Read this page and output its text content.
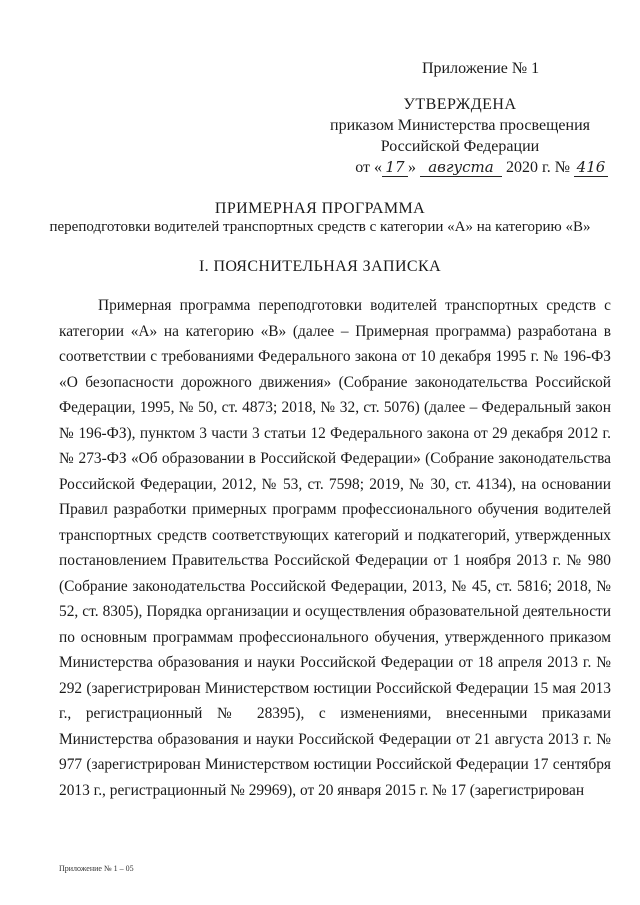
Приложение № 1
УТВЕРЖДЕНА
приказом Министерства просвещения
Российской Федерации
от « 17 » августа 2020 г. № 416
ПРИМЕРНАЯ ПРОГРАММА
переподготовки водителей транспортных средств с категории «А» на категорию «В»
I. ПОЯСНИТЕЛЬНАЯ ЗАПИСКА

Примерная программа переподготовки водителей транспортных средств с категории «А» на категорию «В» (далее – Примерная программа) разработана в соответствии с требованиями Федерального закона от 10 декабря 1995 г. № 196-ФЗ «О безопасности дорожного движения» (Собрание законодательства Российской Федерации, 1995, № 50, ст. 4873; 2018, № 32, ст. 5076) (далее – Федеральный закон № 196-ФЗ), пунктом 3 части 3 статьи 12 Федерального закона от 29 декабря 2012 г. № 273-ФЗ «Об образовании в Российской Федерации» (Собрание законодательства Российской Федерации, 2012, № 53, ст. 7598; 2019, № 30, ст. 4134), на основании Правил разработки примерных программ профессионального обучения водителей транспортных средств соответствующих категорий и подкатегорий, утвержденных постановлением Правительства Российской Федерации от 1 ноября 2013 г. № 980 (Собрание законодательства Российской Федерации, 2013, № 45, ст. 5816; 2018, № 52, ст. 8305), Порядка организации и осуществления образовательной деятельности по основным программам профессионального обучения, утвержденного приказом Министерства образования и науки Российской Федерации от 18 апреля 2013 г. № 292 (зарегистрирован Министерством юстиции Российской Федерации 15 мая 2013 г., регистрационный № 28395), с изменениями, внесенными приказами Министерства образования и науки Российской Федерации от 21 августа 2013 г. № 977 (зарегистрирован Министерством юстиции Российской Федерации 17 сентября 2013 г., регистрационный № 29969), от 20 января 2015 г. № 17 (зарегистрирован

Приложение № 1 – 05
